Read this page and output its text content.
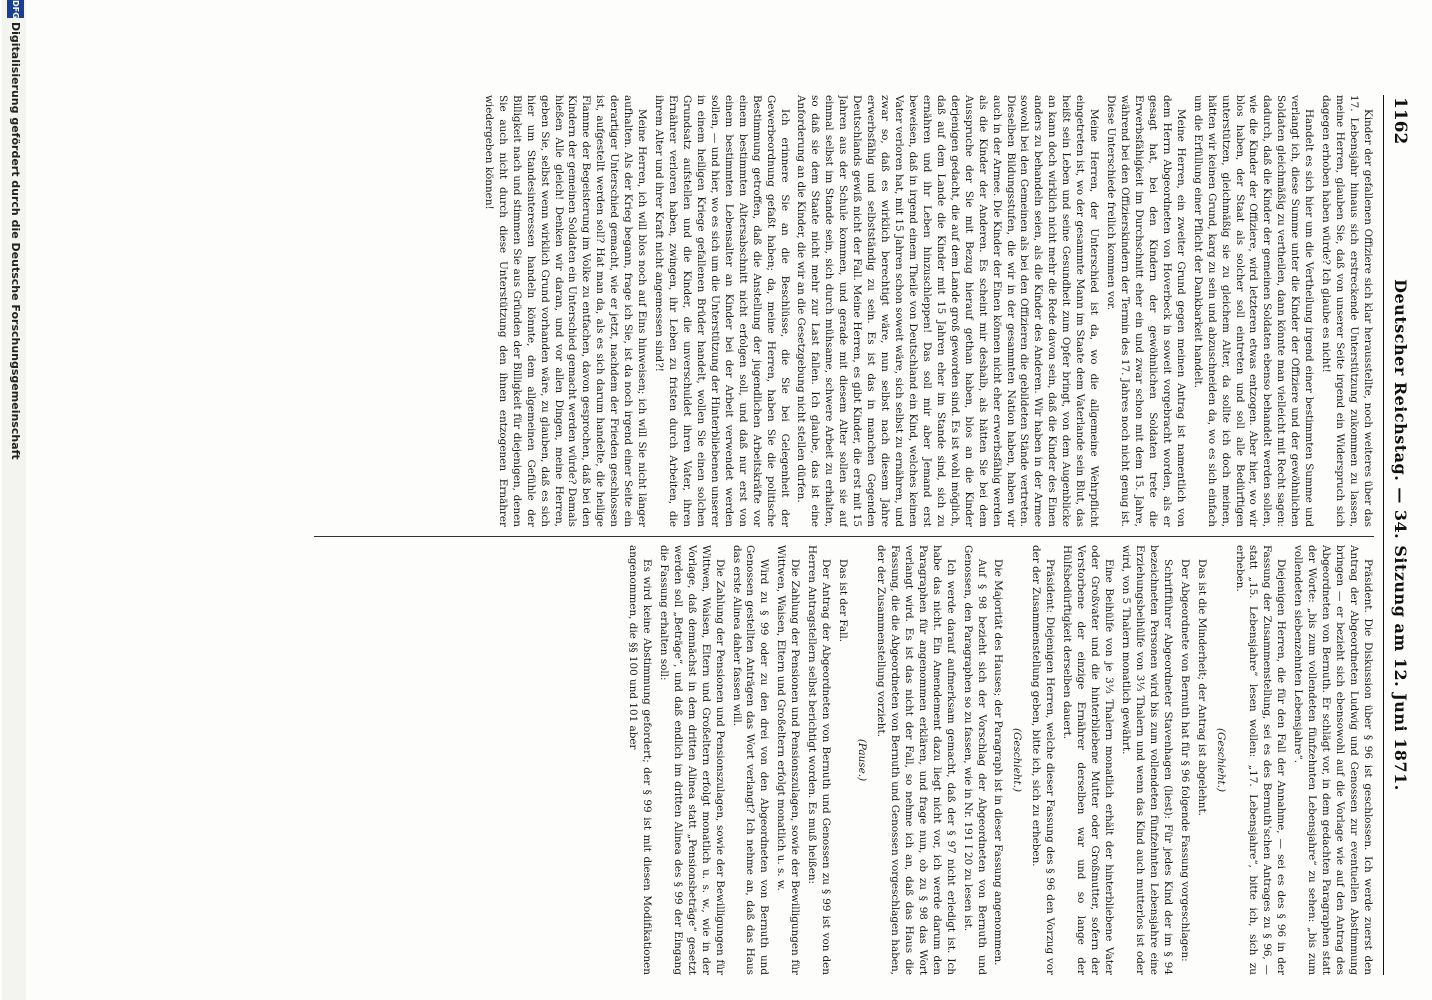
1162
Deutscher Reichstag. — 34. Sitzung am 12. Juni 1871.

Kinder der gefallenen Offiziere sich klar herausstellte, noch weiteres über das 17. Lebensjahr hinaus sich erstreckende Unterstützung zukommen zu lassen, meine Herren, glauben Sie, daß von unserer Seite irgend ein Widerspruch sich dagegen erhoben haben würde? Ich glaube es nicht!

Handelt es sich hier um die Vertheilung irgend einer bestimmten Summe und verlangt ich, diese Summe unter die Kinder der Offiziere und der gewöhnlichen Soldaten gleichmäßig zu vertheilen, dann könnte man vielleicht mit Recht sagen: dadurch, daß die Kinder der gemeinen Soldaten ebenso behandelt werden sollen, wie die Kinder der Offiziere, wird letzteren etwas entzogen. Aber hier, wo wir blos haben, der Staat als solcher soll eintreten und soll alle Bedürftigen unterstützen, gleichmäßig sie zu gleichem Alter, da sollte ich doch meinen, hätten wir keinen Grund, karg zu sein und abzuschneiden da, wo es sich einfach um die Erfüllung einer Pflicht der Dankbarkeit handelt.

Meine Herren, ein zweiter Grund gegen meinen Antrag ist namentlich von dem Herrn Abgeordneten von Hoverbeck in soweit vorgebracht worden, als er gesagt hat, bei den Kindern der gewöhnlichen Soldaten trete die Erwerbsfähigkeit im Durchschnitt eher ein und zwar schon mit dem 15. Jahre, während bei den Offizierskindern der Termin des 17. Jahres noch nicht genug ist. Diese Unterschiede freilich kommen vor.

Meine Herren, der Unterschied ist da, wo die allgemeine Wehrpflicht eingetreten ist, wo der gesammte Mann im Staate dem Vaterlande sein Blut, das heißt sein Leben und seine Gesundheit zum Opfer bringt, von dem Augenblicke an kann doch wirklich nicht mehr die Rede davon sein, daß die Kinder des Einen anders zu behandeln seien, als die Kinder des Anderen. Wir haben in der Armee sowohl bei den Gemeinen als bei den Offizieren die gebildeten Stände vertreten. Dieselben Bildungsstufen, die wir in der gesammten Nation haben, haben wir auch in der Armee. Die Kinder der Einen können nicht eher erwerbsfähig werden als die Kinder der Anderen. Es scheint mir deshalb, als hätten Sie bei dem Ausspruche der Sie mit Bezug hierauf gethan haben, blos an die Kinder derjenigen gedacht, die auf dem Lande groß geworden sind. Es ist wohl möglich, daß auf dem Lande die Kinder mit 15 Jahren eher im Stande sind, sich zu ernähren und ihr Leben hinzuschleppen! Das soll mir aber Jemand erst beweisen, daß in irgend einem Theile von Deutschland ein Kind, welches keinen Vater verloren hat, mit 15 Jahren schon soweit wäre, sich selbst zu ernähren, und zwar so, daß es wirklich berechtigt wäre, nun selbst nach diesem Jahre erwerbsfähig und selbstständig zu sein. Es ist das in manchen Gegenden Deutschlands gewiß nicht der Fall. Meine Herren, es gibt Kinder, die erst mit 15 Jahren aus der Schule kommen, und gerade mit diesem Alter sollen sie auf einmal selbst im Stande sein, sich durch mühsame, schwere Arbeit zu erhalten, so daß sie dem Staate nicht mehr zur Last fallen. Ich glaube, das ist eine Anforderung an die Kinder, die wir an die Gesetzgebung nicht stellen dürfen.

Ich erinnere Sie an die Beschlüsse, die Sie bei Gelegenheit der Gewerbeordnung gefaßt haben; da, meine Herren, haben Sie die politische Bestimmung getroffen, daß die Anstellung der jugendlichen Arbeitskräfte vor einem bestimmten Altersabschnitt nicht erfolgen soll, und daß nur erst von einem bestimmten Lebensalter an Kinder bei der Arbeit verwendet werden sollen, — und hier, wo es sich um die Unterstützung der Hinterbliebenen unserer in einem heiligen Kriege gefallenen Brüder handelt, wollen Sie einen solchen Grundsatz aufstellen und die Kinder, die unverschuldet ihren Vater, ihren Ernährer verloren haben, zwingen, ihr Leben zu fristen durch Arbeiten, die ihrem Alter und ihrer Kraft nicht angemessen sind?!

Meine Herren, ich will blos noch auf Eins hinweisen; ich will Sie nicht länger aufhalten. Als der Krieg begann, frage ich Sie, ist da noch irgend einer Seite ein derartiger Unterschied gemacht, wie er jetzt, nachdem der Frieden geschlossen ist, aufgestellt werden soll? Hat man da, als es sich darum handelte, die heilige Flamme der Begeisterung im Volke zu entfachen, davon gesprochen, daß bei den Kindern der gemeinen Soldaten ein Unterschied gemacht werden würde? Damals hießen Alle gleich! Denken wir daran, und vor allen Dingen, meine Herren, geben Sie, selbst wenn wirklich Grund vorhanden wäre, zu glauben, daß es sich hier um Standesinteressen handeln könnte, dem allgemeinen Gefühle der Billigkeit nach und stimmen Sie aus Gründen der Billigkeit für diejenigen, denen Sie auch nicht durch diese Unterstützung den ihnen entzogenen Ernährer wiedergeben können!

Präsident. Die Diskussion über § 96 ist geschlossen. Ich werde zuerst den Antrag der Abgeordneten Ludwig und Genossen zur eventuellen Abstimmung bringen — er bezieht sich ebensowohl auf die Vorlage wie auf den Antrag des Abgeordneten von Bernuth. Er schlägt vor, in dem gedachten Paragraphen statt der Worte: „bis zum vollendeten fünfzehnten Lebensjahre“ zu sehen: „bis zum vollendeten siebenzehnten Lebensjahre“.

Diejenigen Herren, die für den Fall der Annahme, — sei es des § 96 in der Fassung der Zusammenstellung, sei es des Bernuth'schen Antrages zu § 96, — statt „15. Lebensjahre“ lesen wollen: „17. Lebensjahre“, bitte ich, sich zu erheben.

(Geschieht.)

Das ist die Minderheit; der Antrag ist abgelehnt.

Der Abgeordnete von Bernuth hat für § 96 folgende Fassung vorgeschlagen:

Schriftführer Abgeordneter Stavenhagen (liest): Für jedes Kind der im § 94 bezeichneten Personen wird bis zum vollendeten fünfzehnten Lebensjahre eine Erziehungsbeihülfe von 3⅓ Thalern und wenn das Kind auch mutterlos ist oder wird, von 5 Thalern monatlich gewährt.

Eine Beihülfe von je 3⅓ Thalern monatlich erhält der hinterbliebene Vater oder Großvater und die hinterbliebene Mutter oder Großmutter, sofern der Verstorbene der einzige Ernährer derselben war und so lange der Hülfsbedürftigkeit derselben dauert.

Präsident: Diejenigen Herren, welche dieser Fassung des § 96 den Vorzug vor der der Zusammenstellung geben, bitte ich, sich zu erheben.

(Geschieht.)

Die Majorität des Hauses; der Paragraph ist in dieser Fassung angenommen.

Auf § 98 bezieht sich der Vorschlag der Abgeordneten von Bernuth und Genossen, den Paragraphen so zu fassen, wie in Nr. 191 I 20 zu lesen ist.

Ich werde darauf aufmerksam gemacht, daß der § 97 nicht erledigt ist. Ich habe das nicht. Ein Amendement dazu liegt nicht vor, ich werde darum den Paragraphen für angenommen erklären, und frage nun, ob zu § 98 das Wort verlangt wird. Es ist das nicht der Fall, so nehme ich an, daß das Haus die Fassung, die die Abgeordneten von Bernuth und Genossen vorgeschlagen haben, der der Zusammenstellung vorzieht.

(Pause.)

Das ist der Fall.

Der Antrag der Abgeordneten von Bernuth und Genossen zu § 99 ist von den Herren Antragstellern selbst berichtigt worden. Es muß heißen:

Die Zahlung der Pensionen und Pensionszulagen, sowie der Bewilligungen für Wittwen, Waisen, Eltern und Großeltern erfolgt monatlich u. s. w.

Wird zu § 99 oder zu den drei von den Abgeordneten von Bernuth und Genossen gestellten Anträgen das Wort verlangt? Ich nehme an, daß das Haus das erste Alinea daher fassen will.

Die Zahlung der Pensionen und Pensionszulagen, sowie der Bewilligungen für Wittwen, Waisen, Eltern und Großeltern erfolgt monatlich u. s. w., wie in der Vorlage, daß demnächst in dem dritten Alinea statt „Pensionsbeträge“ gesetzt werden soll „Beträge“, und daß endlich im dritten Alinea des § 99 der Eingang die Fassung erhalten soll:

Es wird keine Abstimmung gefordert; der § 99 ist mit diesen Modifikationen angenommen, die §§ 100 und 101 aber

DFG
Digitalisierung gefördert durch die Deutsche Forschungsgemeinschaft
